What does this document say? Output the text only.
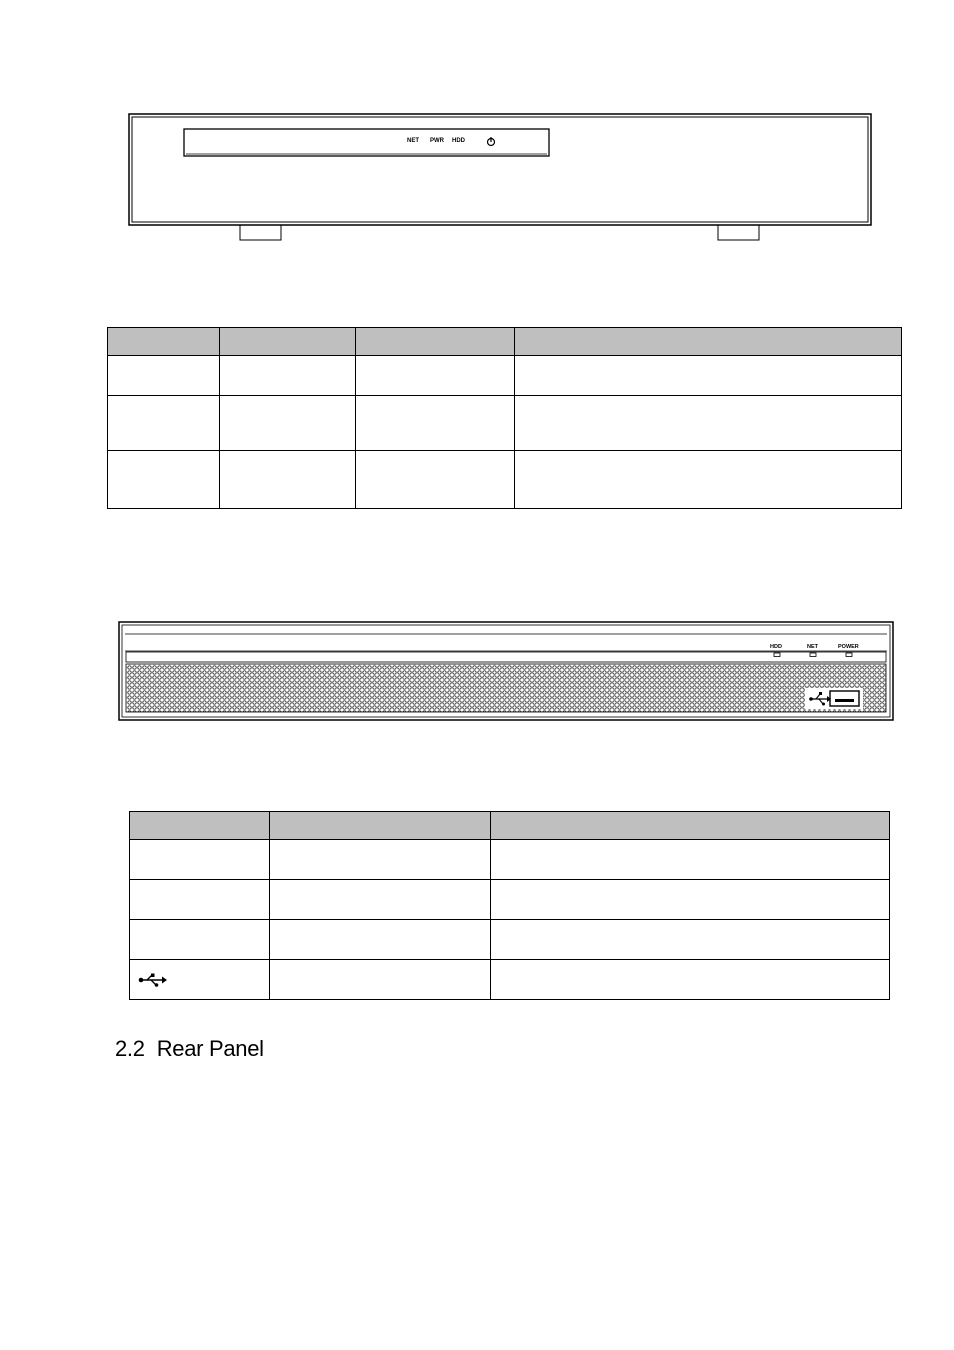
NET PWR HDD

HDD	NET	POWER

2.2 Rear Panel
